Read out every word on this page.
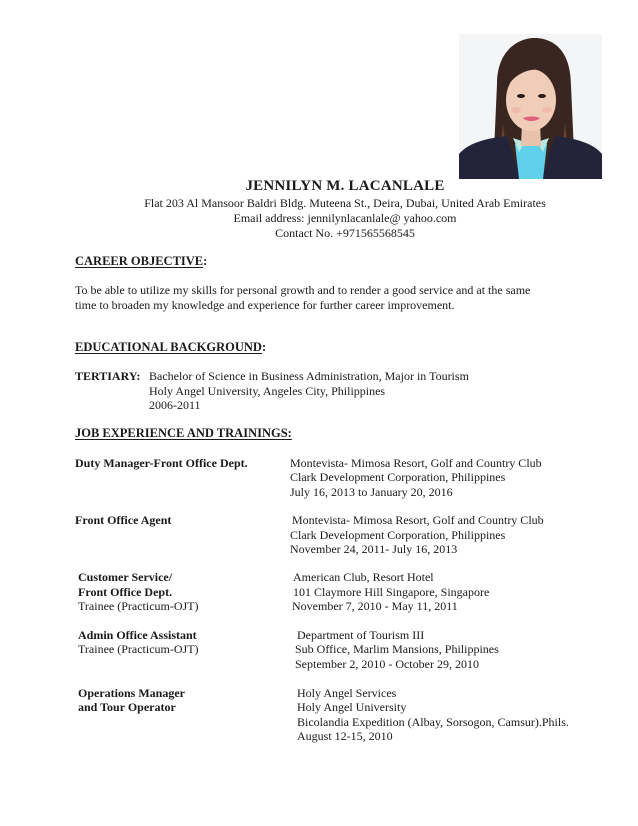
JENNILYN M. LACANLALE
Flat 203 Al Mansoor Baldri Bldg. Muteena St., Deira, Dubai, United Arab Emirates
Email address: jennilynlacanlale@ yahoo.com
Contact No. +971565568545
CAREER OBJECTIVE:
To be able to utilize my skills for personal growth and to render a good service and at the same
time to broaden my knowledge and experience for further career improvement.
EDUCATIONAL BACKGROUND:
TERTIARY: Bachelor of Science in Business Administration, Major in Tourism
Holy Angel University, Angeles City, Philippines
2006-2011
JOB EXPERIENCE AND TRAININGS:
Duty Manager-Front Office Dept.	Montevista- Mimosa Resort, Golf and Country Club
Clark Development Corporation, Philippines
July 16, 2013 to January 20, 2016
Front Office Agent	Montevista- Mimosa Resort, Golf and Country Club
Clark Development Corporation, Philippines
November 24, 2011- July 16, 2013
Customer Service/
Front Office Dept.
Trainee (Practicum-OJT)
American Club, Resort Hotel
101 Claymore Hill Singapore, Singapore
November 7, 2010 - May 11, 2011
Admin Office Assistant
Trainee (Practicum-OJT)
Department of Tourism III
Sub Office, Marlim Mansions, Philippines
September 2, 2010 - October 29, 2010
Operations Manager
and Tour Operator
Holy Angel Services
Holy Angel University
Bicolandia Expedition (Albay, Sorsogon, Camsur).Phils.
August 12-15, 2010
